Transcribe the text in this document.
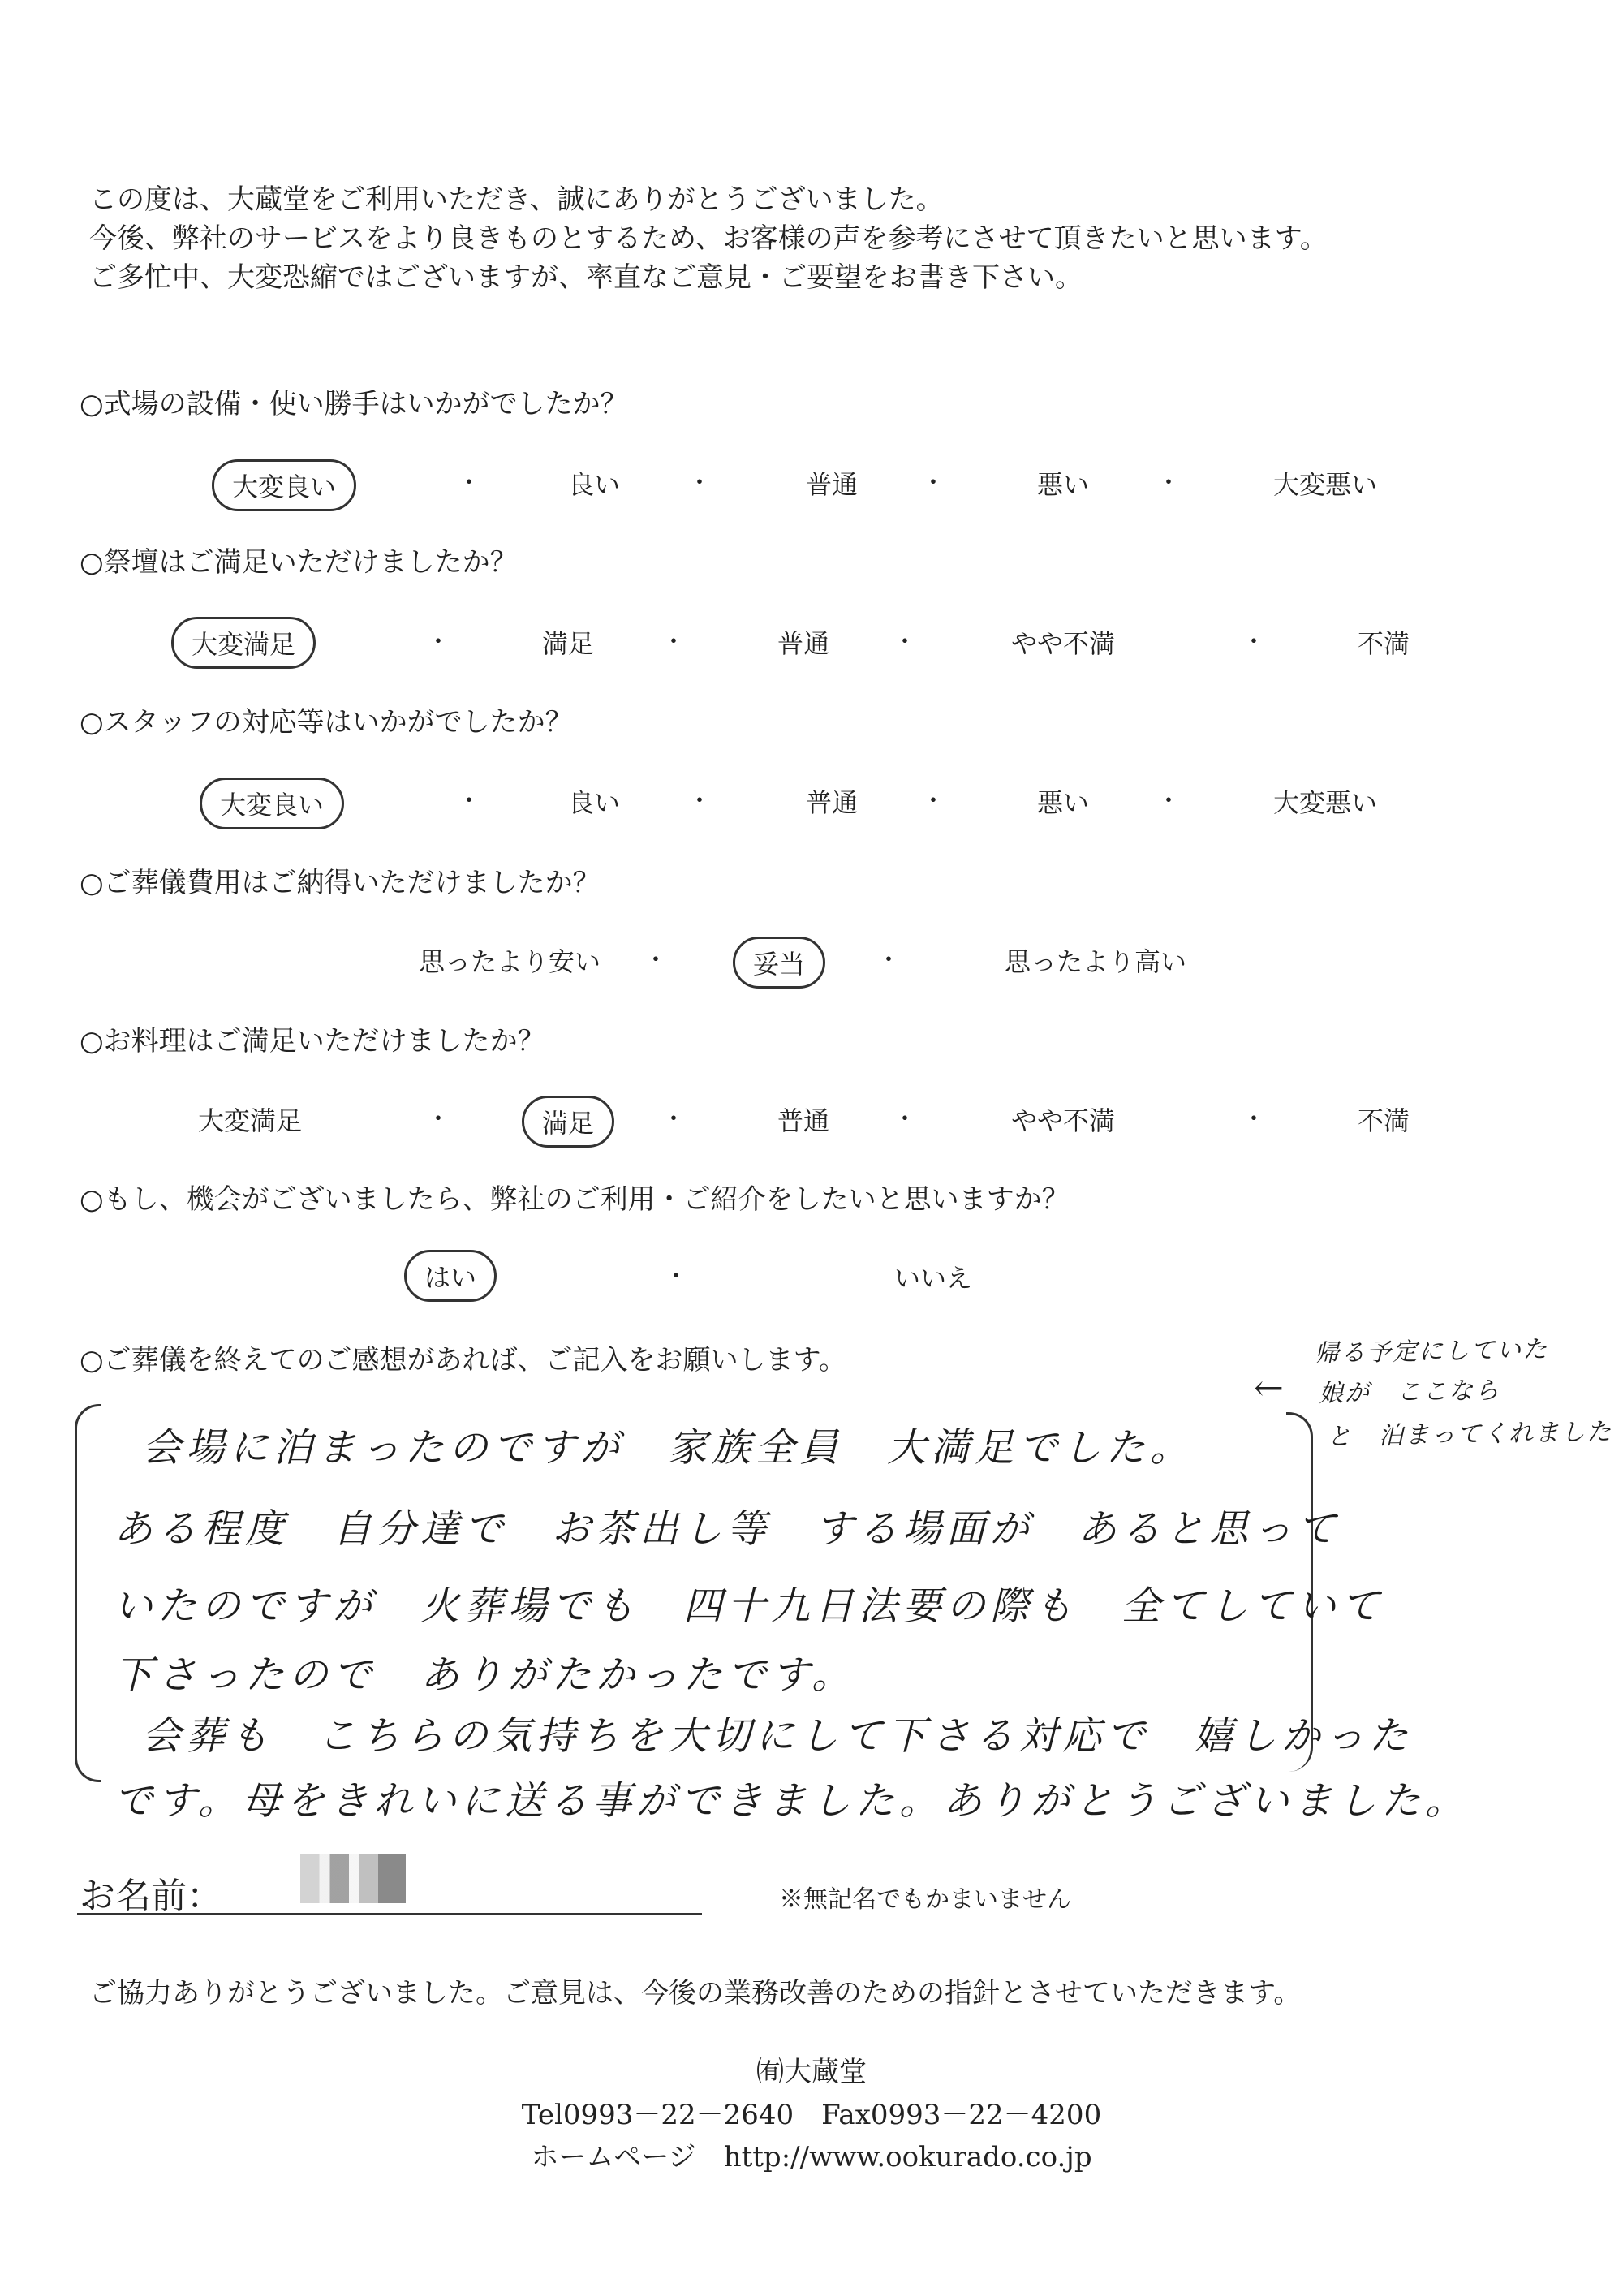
この度は、大蔵堂をご利用いただき、誠にありがとうございました。
今後、弊社のサービスをより良きものとするため、お客様の声を参考にさせて頂きたいと思います。
ご多忙中、大変恐縮ではございますが、率直なご意見・ご要望をお書き下さい。
○式場の設備・使い勝手はいかがでしたか？
大変良い	・	良い	・	普通	・	悪い	・	大変悪い
○祭壇はご満足いただけましたか？
大変満足	・	満足	・	普通	・	やや不満	・	不満
○スタッフの対応等はいかがでしたか？
大変良い	・	良い	・	普通	・	悪い	・	大変悪い
○ご葬儀費用はご納得いただけましたか？
思ったより安い ・	妥当	・	思ったより高い
○お料理はご満足いただけましたか？
大変満足	・	満足	・	普通	・	やや不満	・	不満
○もし、機会がございましたら、弊社のご利用・ご紹介をしたいと思いますか？
はい	・	いいえ
○ご葬儀を終えてのご感想があれば、ご記入をお願いします。	帰る予定にしていた
娘が　ここなら
と　泊まってくれました
←
会場に泊まったのですが　家族全員　大満足でした。
ある程度　自分達で　お茶出し等　する場面が　あると思って
いたのですが　火葬場でも　四十九日法要の際も　全てしていて
下さったので　ありがたかったです。
会葬も　こちらの気持ちを大切にして下さる対応で　嬉しかった
です。母をきれいに送る事ができました。ありがとうございました。
お名前：	※無記名でもかまいません
ご協力ありがとうございました。ご意見は、今後の業務改善のための指針とさせていただきます。
㈲大蔵堂
Tel0993－22－2640　Fax0993－22－4200
ホームページ　http://www.ookurado.co.jp
